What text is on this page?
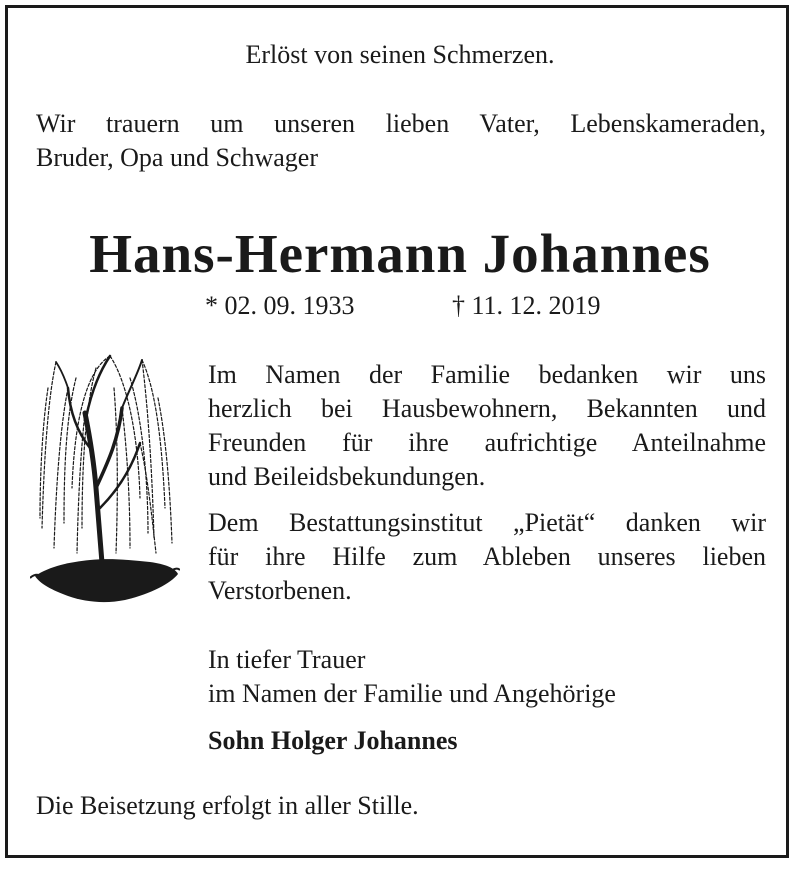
Erlöst von seinen Schmerzen.

Wir trauern um unseren lieben Vater, Lebenskameraden,

Bruder, Opa und Schwager

Hans-Hermann Johannes

* 02. 09. 1933	† 11. 12. 2019

Im Namen der Familie bedanken wir uns

herzlich bei Hausbewohnern, Bekannten und

Freunden für ihre aufrichtige Anteilnahme

und Beileidsbekundungen.

Dem Bestattungsinstitut „Pietät“ danken wir

für ihre Hilfe zum Ableben unseres lieben

Verstorbenen.

In tiefer Trauer

im Namen der Familie und Angehörige

Sohn Holger Johannes

Die Beisetzung erfolgt in aller Stille.
